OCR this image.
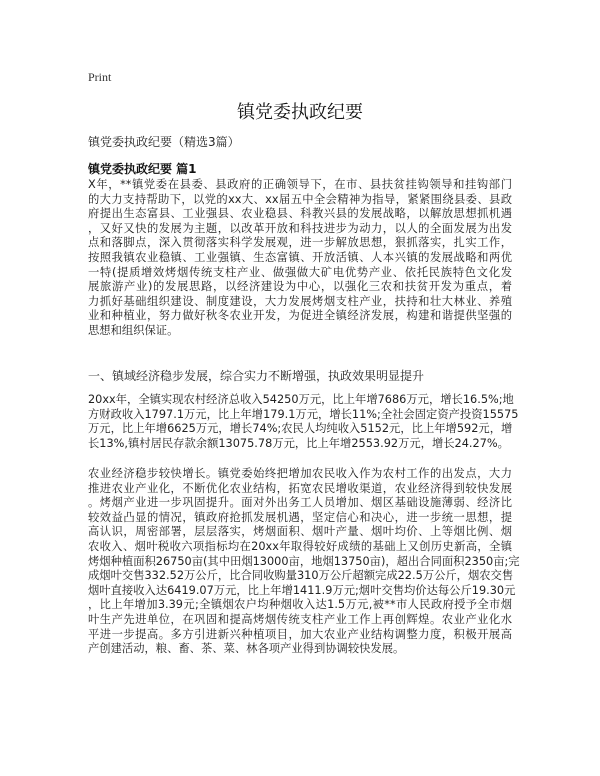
Print
镇党委执政纪要
镇党委执政纪要（精选3篇）
镇党委执政纪要 篇1
X年，**镇党委在县委、县政府的正确领导下，在市、县扶贫挂钩领导和挂钩部门
的大力支持帮助下，以党的xx大、xx届五中全会精神为指导，紧紧围绕县委、县政
府提出生态富县、工业强县、农业稳县、科教兴县的发展战略，以解放思想抓机遇
，又好又快的发展为主题，以改革开放和科技进步为动力，以人的全面发展为出发
点和落脚点，深入贯彻落实科学发展观，进一步解放思想，狠抓落实，扎实工作，
按照我镇农业稳镇、工业强镇、生态富镇、开放活镇、人本兴镇的发展战略和两优
一特(提质增效烤烟传统支柱产业、做强做大矿电优势产业、依托民族特色文化发
展旅游产业)的发展思路，以经济建设为中心，以强化三农和扶贫开发为重点，着
力抓好基础组织建设、制度建设，大力发展烤烟支柱产业，扶持和壮大林业、养殖
业和种植业，努力做好秋冬农业开发，为促进全镇经济发展，构建和谐提供坚强的
思想和组织保证。
一、镇域经济稳步发展，综合实力不断增强，执政效果明显提升
20xx年，全镇实现农村经济总收入54250万元，比上年增7686万元，增长16.5%;地
方财政收入1797.1万元，比上年增179.1万元，增长11%;全社会固定资产投资15575
万元，比上年增6625万元，增长74%;农民人均纯收入5152元，比上年增592元，增
长13%,镇村居民存款余额13075.78万元，比上年增2553.92万元，增长24.27%。
农业经济稳步较快增长。镇党委始终把增加农民收入作为农村工作的出发点，大力
推进农业产业化，不断优化农业结构，拓宽农民增收渠道，农业经济得到较快发展
。烤烟产业进一步巩固提升。面对外出务工人员增加、烟区基础设施薄弱、经济比
较效益凸显的情况，镇政府抢抓发展机遇，坚定信心和决心，进一步统一思想，提
高认识，周密部署，层层落实，烤烟面积、烟叶产量、烟叶均价、上等烟比例、烟
农收入、烟叶税收六项指标均在20xx年取得较好成绩的基础上又创历史新高，全镇
烤烟种植面积26750亩(其中田烟13000亩，地烟13750亩)，超出合同面积2350亩;完
成烟叶交售332.52万公斤，比合同收购量310万公斤超额完成22.5万公斤，烟农交售
烟叶直接收入达6419.07万元，比上年增1411.9万元;烟叶交售均价达每公斤19.30元
，比上年增加3.39元;全镇烟农户均种烟收入达1.5万元,被**市人民政府授予全市烟
叶生产先进单位，在巩固和提高烤烟传统支柱产业工作上再创辉煌。农业产业化水
平进一步提高。多方引进新兴种植项目，加大农业产业结构调整力度，积极开展高
产创建活动，粮、畜、茶、菜、林各项产业得到协调较快发展。
